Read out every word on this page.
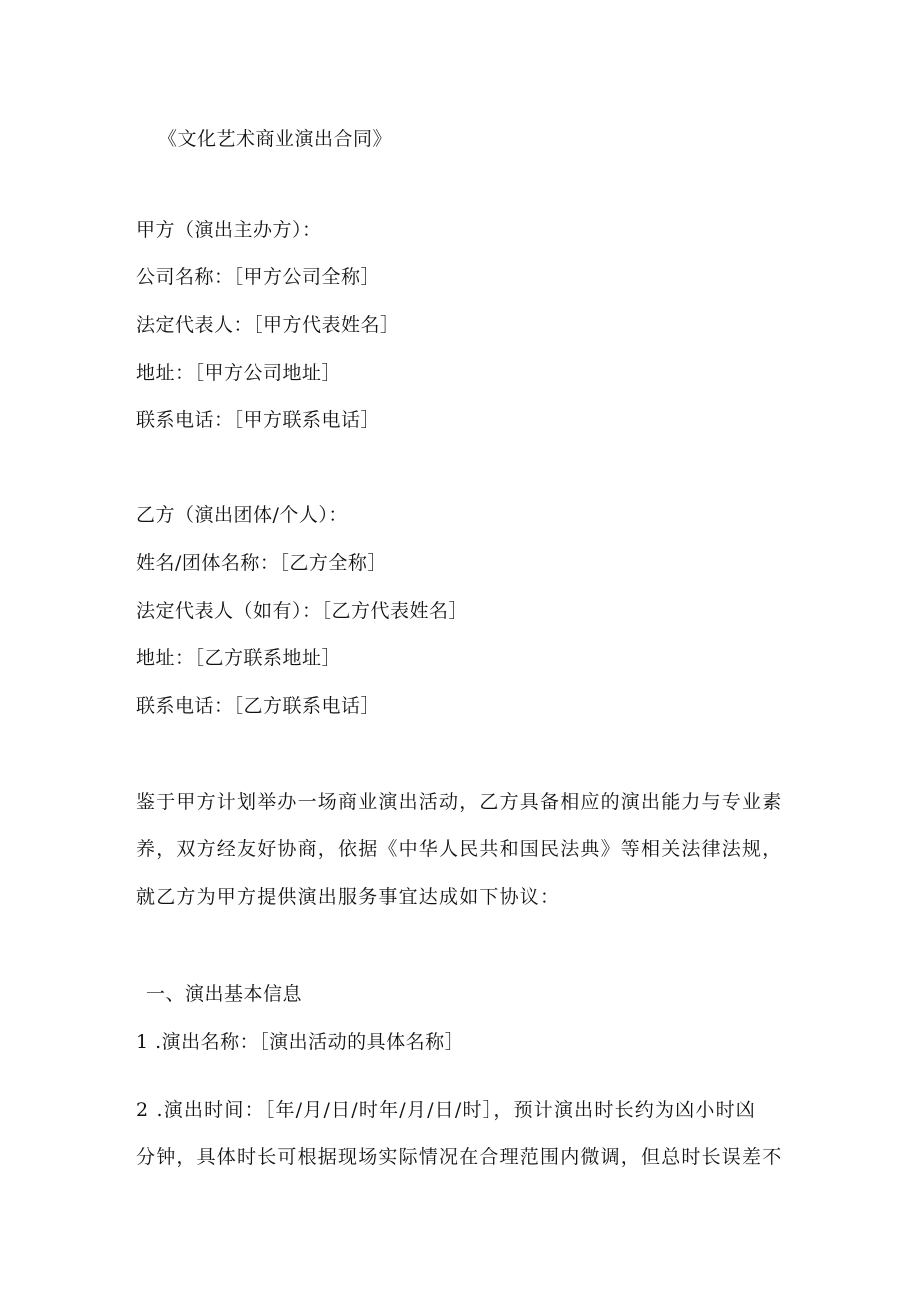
《文化艺术商业演出合同》
甲方（演出主办方）：
公司名称：［甲方公司全称］
法定代表人：［甲方代表姓名］
地址：［甲方公司地址］
联系电话：［甲方联系电话］
乙方（演出团体/个人）：
姓名/团体名称：［乙方全称］
法定代表人（如有）：［乙方代表姓名］
地址：［乙方联系地址］
联系电话：［乙方联系电话］
鉴于甲方计划举办一场商业演出活动，乙方具备相应的演出能力与专业素
养，双方经友好协商，依据《中华人民共和国民法典》等相关法律法规，
就乙方为甲方提供演出服务事宜达成如下协议：
一、演出基本信息
1 .演出名称：［演出活动的具体名称］
2 .演出时间：［年/月/日/时年/月/日/时］，预计演出时长约为凶小时凶
分钟，具体时长可根据现场实际情况在合理范围内微调，但总时长误差不
